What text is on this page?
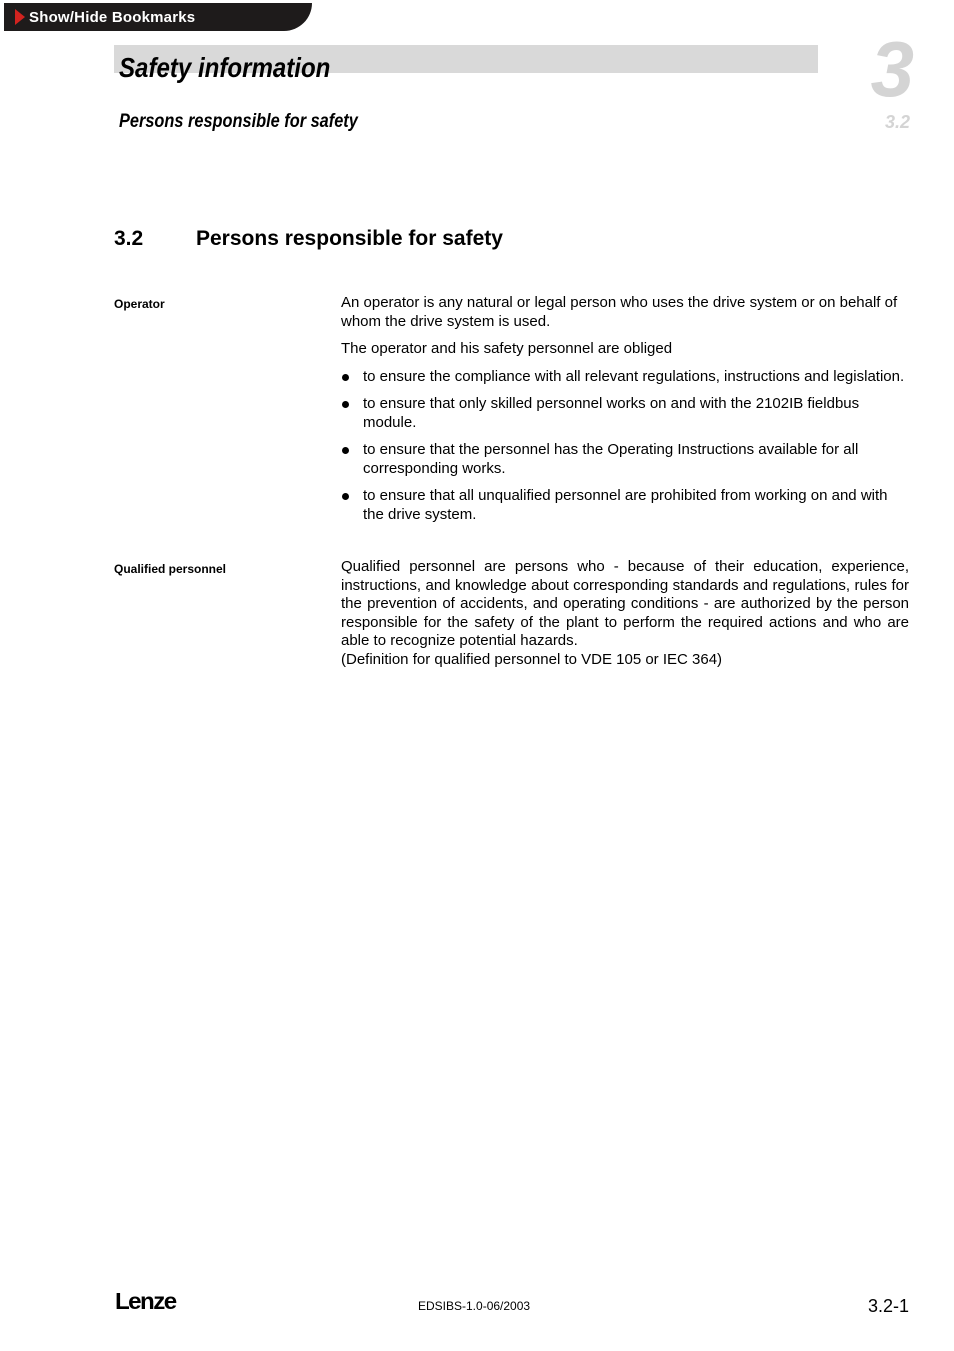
Show/Hide Bookmarks
Safety information
Persons responsible for safety
3
3.2
3.2	Persons responsible for safety
Operator	An operator is any natural or legal person who uses the drive system or on behalf of whom the drive system is used.

The operator and his safety personnel are obliged

to ensure the compliance with all relevant regulations, instructions and legislation.
to ensure that only skilled personnel works on and with the 2102IB fieldbus module.
to ensure that the personnel has the Operating Instructions available for all corresponding works.
to ensure that all unqualified personnel are prohibited from working on and with the drive system.
Qualified personnel	Qualified personnel are persons who - because of their education, experience, instructions, and knowledge about corresponding standards and regulations, rules for the prevention of accidents, and operating conditions - are authorized by the person responsible for the safety of the plant to perform the required actions and who are able to recognize potential hazards.
(Definition for qualified personnel to VDE 105 or IEC 364)
Lenze	EDSIBS-1.0-06/2003	3.2-1
